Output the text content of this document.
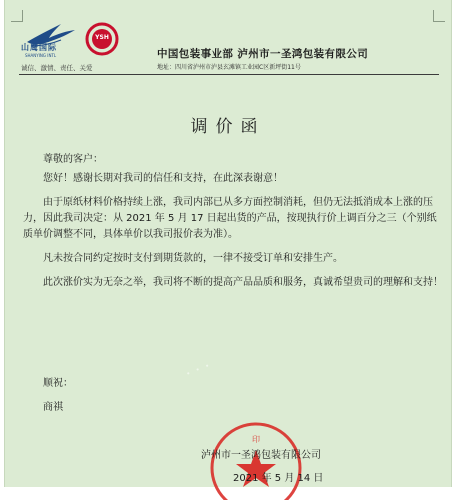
山鹰国际
SHANYING INTL
YSH
诚信、激情、责任、关爱
中国包装事业部 泸州市一圣鸿包装有限公司
地址：四川省泸州市泸县玄滩镇工业园C区新坪街11号
调价函
尊敬的客户：

您好！感谢长期对我司的信任和支持，在此深表谢意！

由于原纸材料价格持续上涨，我司内部已从多方面控制消耗，但仍无法抵消成本上涨的压力，因此我司决定：从 2021 年 5 月 17 日起出货的产品，按现执行价上调百分之三（个别纸质单价调整不同，具体单价以我司报价表为准）。

凡未按合同约定按时支付到期货款的，一律不接受订单和安排生产。

此次涨价实为无奈之举，我司将不断的提高产品品质和服务，真诚希望贵司的理解和支持！

顺祝：
商祺
· · ·
印
泸州市一圣鸿包装有限公司
2021 年 5 月 14 日
